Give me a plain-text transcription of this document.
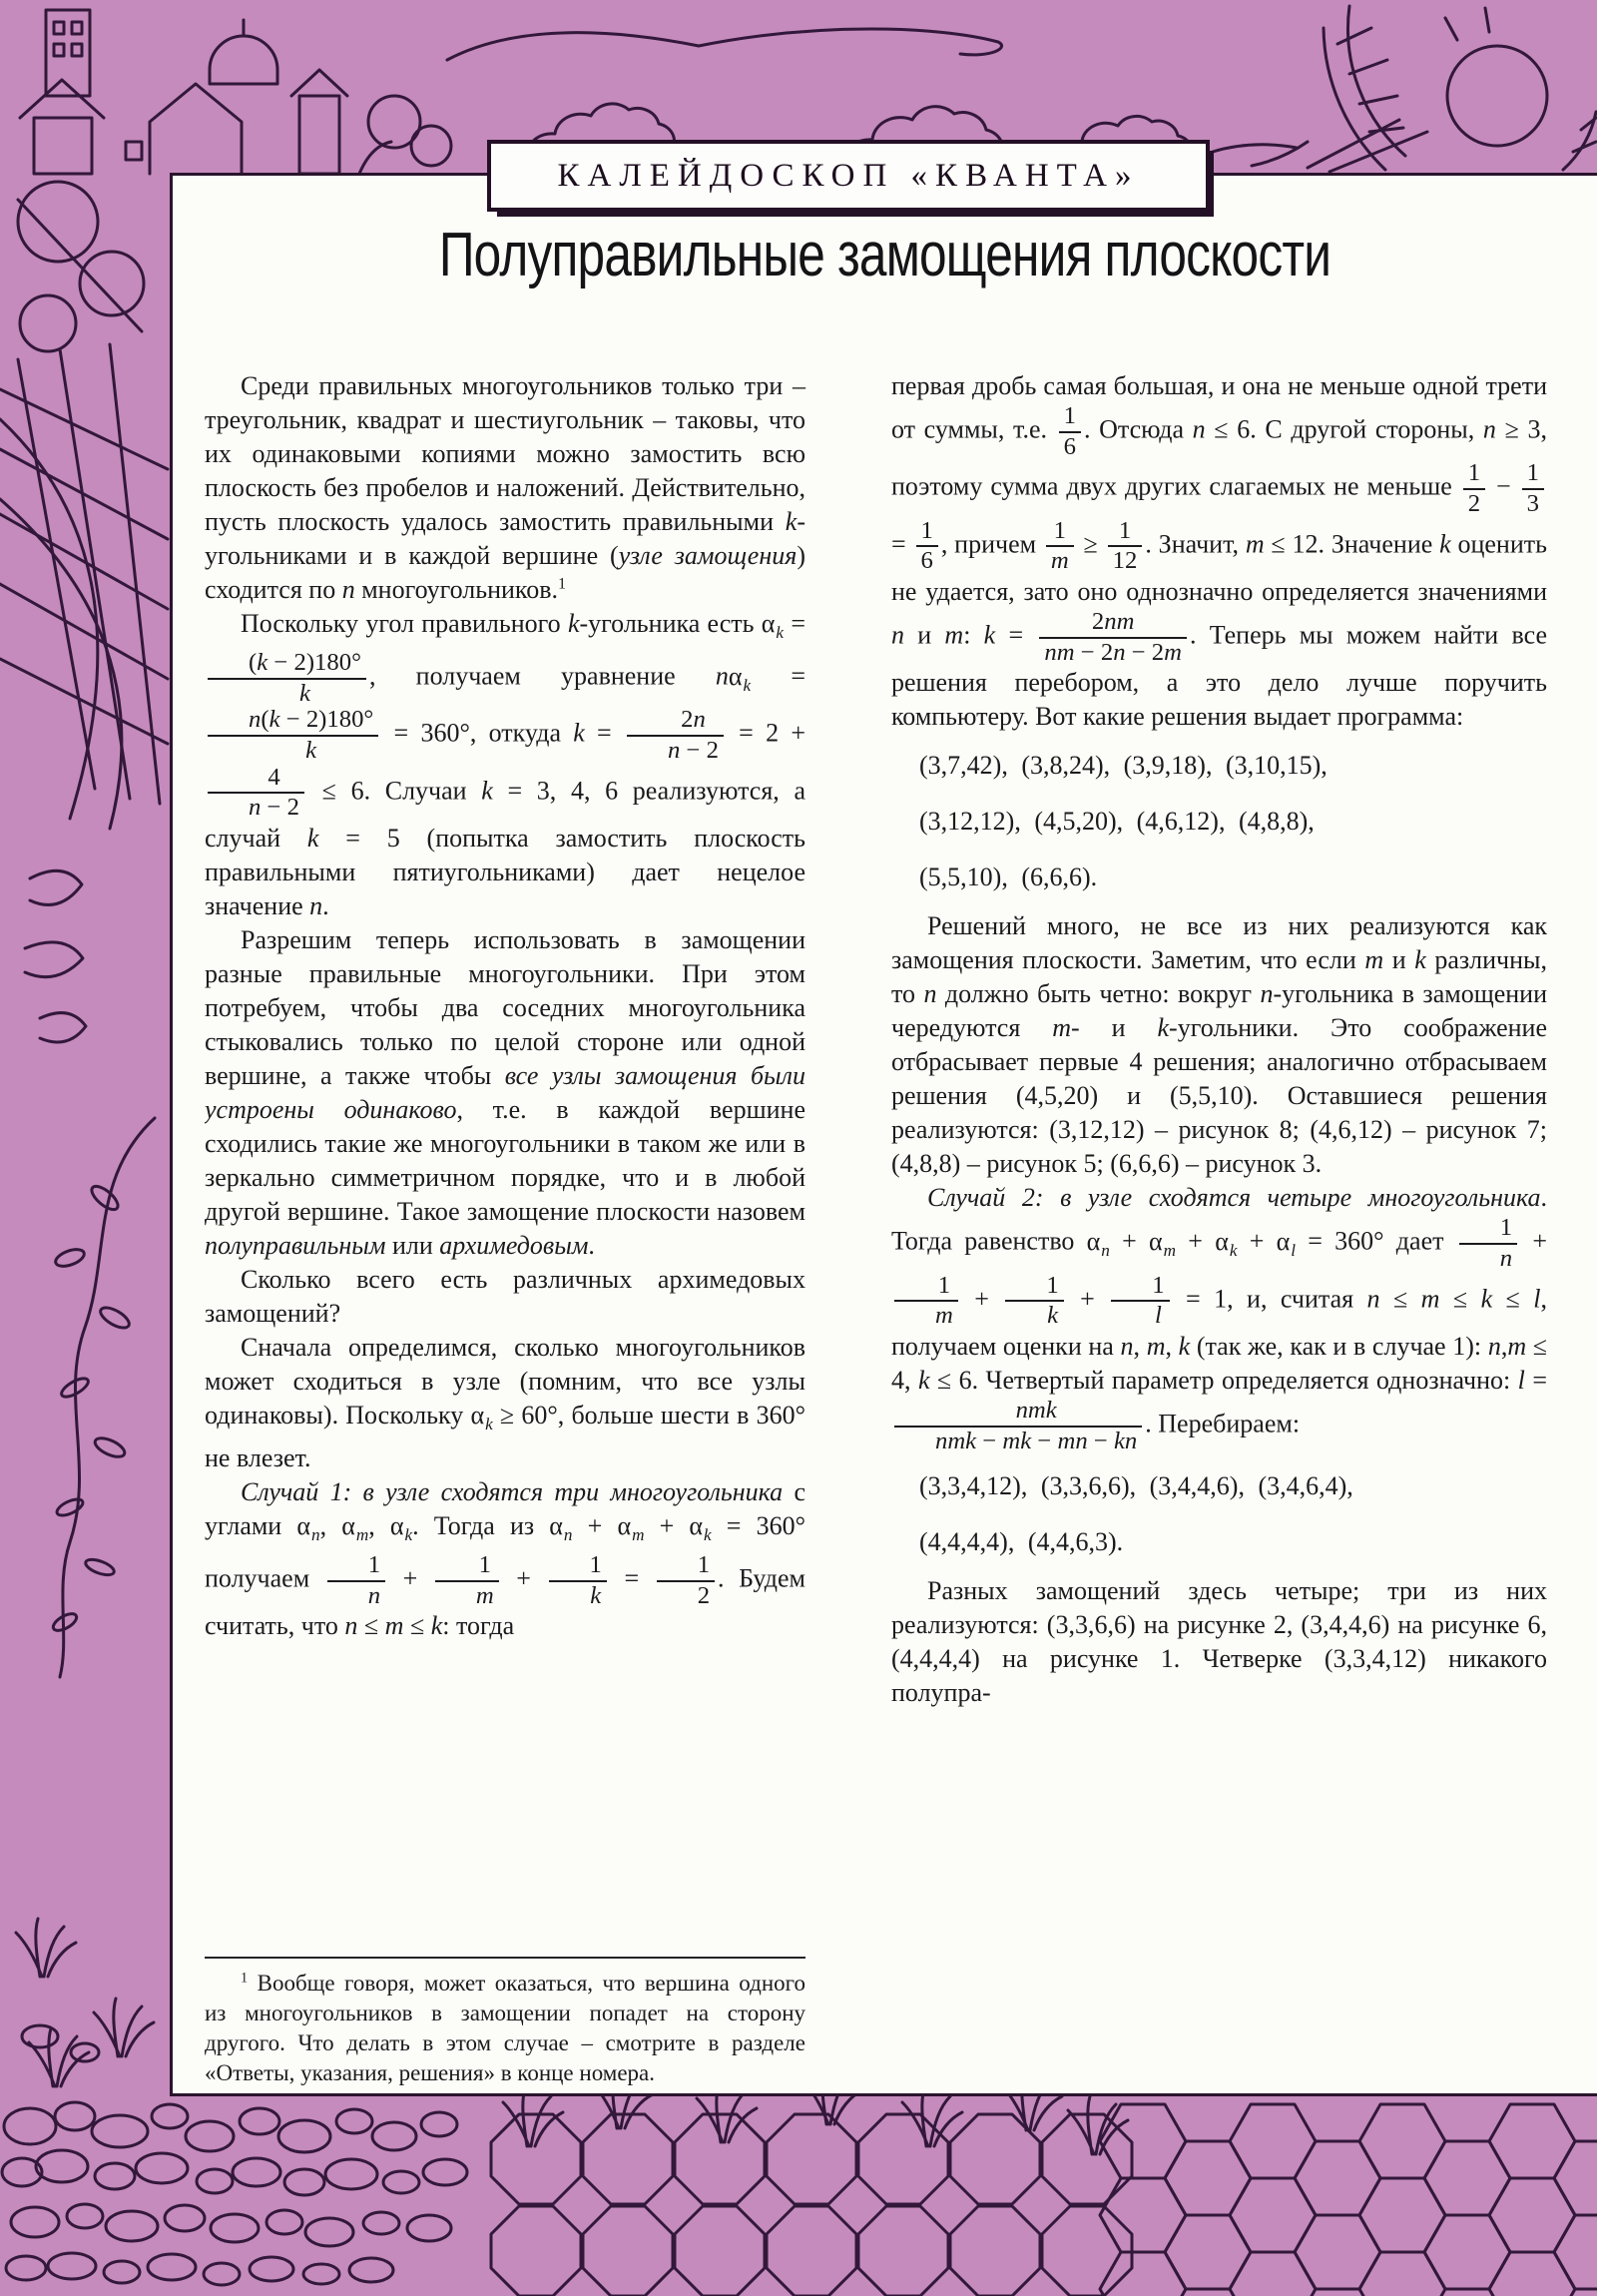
Полуправильные замощения плоскости
КАЛЕЙДОСКОП «КВАНТА»

Среди правильных многоугольников только три – треугольник, квадрат и шестиугольник – таковы, что их одинаковыми копиями можно замостить всю плоскость без пробелов и наложений. Действительно, пусть плоскость удалось замостить правильными k-угольниками и в каждой вершине (узле замощения) сходится по n многоугольников.$^1$

Поскольку угол правильного k-угольника есть $\alpha_k$ =
$\frac{(k - 2)180^\circ}{k}$ , получаем уравнение $n\alpha_k$ =
$\frac{n(k - 2)180^\circ}{k} = 360^\circ$, откуда $k = \frac{2n}{n - 2} = 2$ +
$\frac{4}{n - 2} \le 6$. Случаи k = 3, 4, 6 реализуются, а случай k = 5 (попытка замостить плоскость правильными пятиугольниками) дает нецелое значение n.

Разрешим теперь использовать в замощении разные правильные многоугольники. При этом потребуем, чтобы два соседних многоугольника стыковались только по целой стороне или одной вершине, а также чтобы все узлы замощения были устроены одинаково, т.е. в каждой вершине сходились такие же многоугольники в таком же или в зеркально симметричном порядке, что и в любой другой вершине. Такое замощение плоскости назовем полуправильным или архимедовым.

Сколько всего есть различных архимедовых замощений?

Сначала определимся, сколько многоугольников может сходиться в узле (помним, что все узлы одинаковы). Поскольку $\alpha_k \ge 60^\circ$, больше шести в 360° не влезет.

Случай 1: в узле сходятся три многоугольника с углами $\alpha_n$, $\alpha_m$, $\alpha_k$. Тогда из $\alpha_n + \alpha_m + \alpha_k = 360^\circ$ получаем $\frac{1}{n} + \frac{1}{m} + \frac{1}{k} = \frac{1}{2}$ . Будем считать, что n ≤ m ≤ k: тогда

$^1$ Вообще говоря, может оказаться, что вершина одного из многоугольников в замощении попадет на сторону другого. Что делать в этом случае – смотрите в разделе «Ответы, указания, решения» в конце номера.

первая дробь самая большая, и она не меньше одной трети от суммы, т.е. $\frac{1}{6}$ . Отсюда n ≤ 6. С другой стороны, n ≥ 3, поэтому сумма двух других слагаемых не меньше $\frac{1}{2} - \frac{1}{3}$
= $\frac{1}{6}$ , причем $\frac{1}{m} \ge \frac{1}{12}$ . Значит, m ≤ 12. Значение k оценить не удается, зато оно однозначно определяется значениями n и m: $k = \frac{2nm}{nm - 2n - 2m}$ . Теперь мы можем найти все решения перебором, а это дело лучше поручить компьютеру. Вот какие решения выдает программа:

(3,7,42), (3,8,24), (3,9,18), (3,10,15),
(3,12,12), (4,5,20), (4,6,12), (4,8,8),
(5,5,10), (6,6,6).

Решений много, не все из них реализуются как замощения плоскости. Заметим, что если m и k различны, то n должно быть четно: вокруг n-угольника в замощении чередуются m- и k-угольники. Это соображение отбрасывает первые 4 решения; аналогично отбрасываем решения (4,5,20) и (5,5,10). Оставшиеся решения реализуются: (3,12,12) – рисунок 8; (4,6,12) – рисунок 7; (4,8,8) – рисунок 5; (6,6,6) – рисунок 3.

Случай 2: в узле сходятся четыре многоугольника. Тогда равенство $\alpha_n + \alpha_m + \alpha_k + \alpha_l = 360^\circ$ дает $\frac{1}{n}$ +
$\frac{1}{m} + \frac{1}{k} + \frac{1}{l} = 1$, и, считая n ≤ m ≤ k ≤ l, получаем оценки на n, m, k (так же, как и в случае 1): n,m ≤ 4, k ≤ 6. Четвертый параметр определяется однозначно: l =
$\frac{\text{nmk}}{\text{nmk − mk − mn − kn}}$ . Перебираем:

(3,3,4,12), (3,3,6,6), (3,4,4,6), (3,4,6,4),
(4,4,4,4), (4,4,6,3).

Разных замощений здесь четыре; три из них реализуются: (3,3,6,6) на рисунке 2, (3,4,4,6) на рисунке 6, (4,4,4,4) на рисунке 1. Четверке (3,3,4,12) никакого полупра-
